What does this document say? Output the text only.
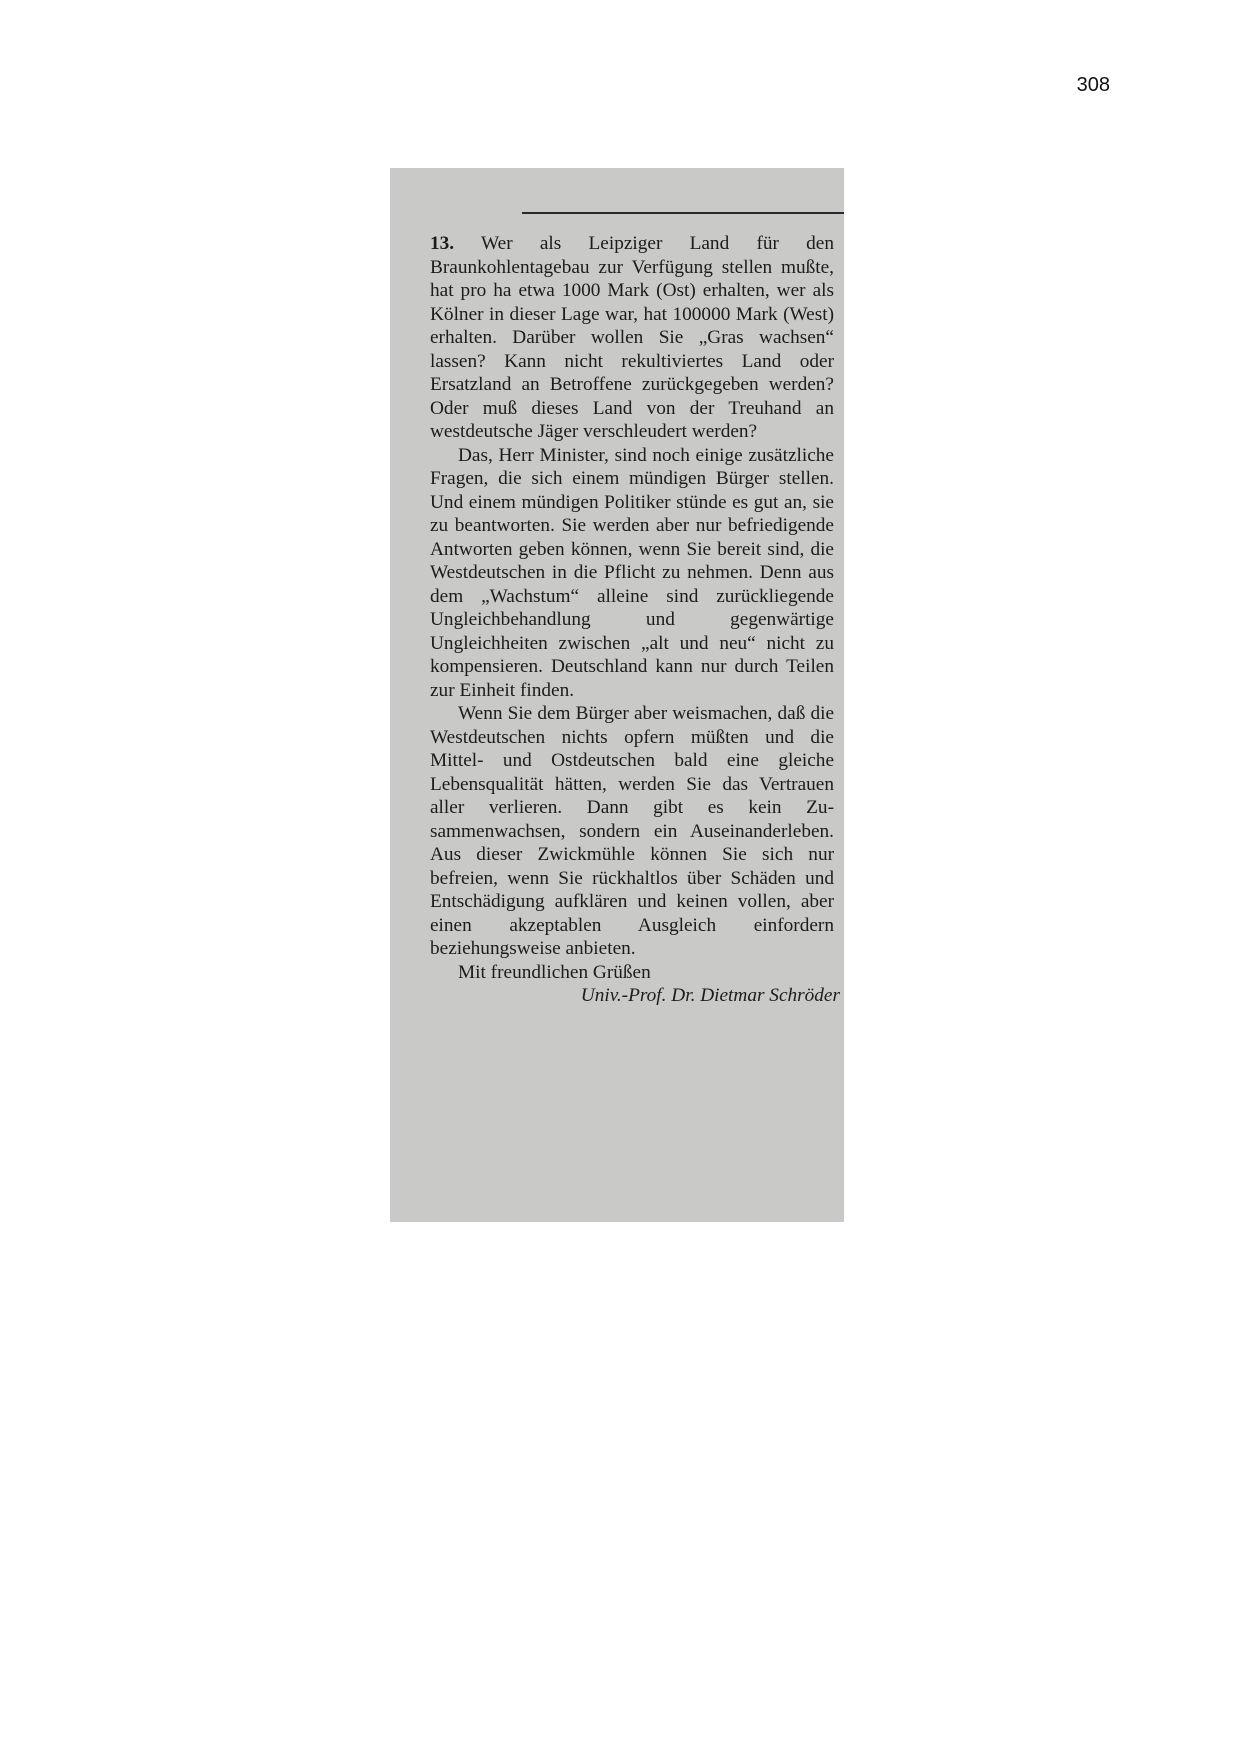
308

13. Wer als Leipziger Land für den Braunkohlentagebau zur Verfügung stellen mußte, hat pro ha etwa 1000 Mark (Ost) erhalten, wer als Kölner in dieser Lage war, hat 100000 Mark (West) erhalten. Darüber wollen Sie „Gras wachsen“ lassen? Kann nicht rekultiviertes Land oder Ersatzland an Betroffene zurückgegeben werden? Oder muß dieses Land von der Treuhand an westdeutsche Jäger verschleudert werden?

Das, Herr Minister, sind noch einige zusätzliche Fragen, die sich einem mündigen Bürger stellen. Und einem mündigen Politiker stünde es gut an, sie zu beantworten. Sie werden aber nur befriedigende Antworten geben können, wenn Sie bereit sind, die Westdeutschen in die Pflicht zu nehmen. Denn aus dem „Wachstum“ alleine sind zurückliegende Ungleichbehandlung und gegenwärtige Ungleichheiten zwischen „alt und neu“ nicht zu kompensieren. Deutschland kann nur durch Teilen zur Einheit finden.

Wenn Sie dem Bürger aber weismachen, daß die Westdeutschen nichts opfern müßten und die Mittel- und Ostdeutschen bald eine gleiche Lebensqualität hätten, werden Sie das Vertrauen aller verlieren. Dann gibt es kein Zusammenwachsen, sondern ein Auseinanderleben. Aus dieser Zwickmühle können Sie sich nur befreien, wenn Sie rückhaltlos über Schäden und Entschädigung aufklären und keinen vollen, aber einen akzeptablen Ausgleich einfordern beziehungsweise anbieten.

Mit freundlichen Grüßen

Univ.-Prof. Dr. Dietmar Schröder
